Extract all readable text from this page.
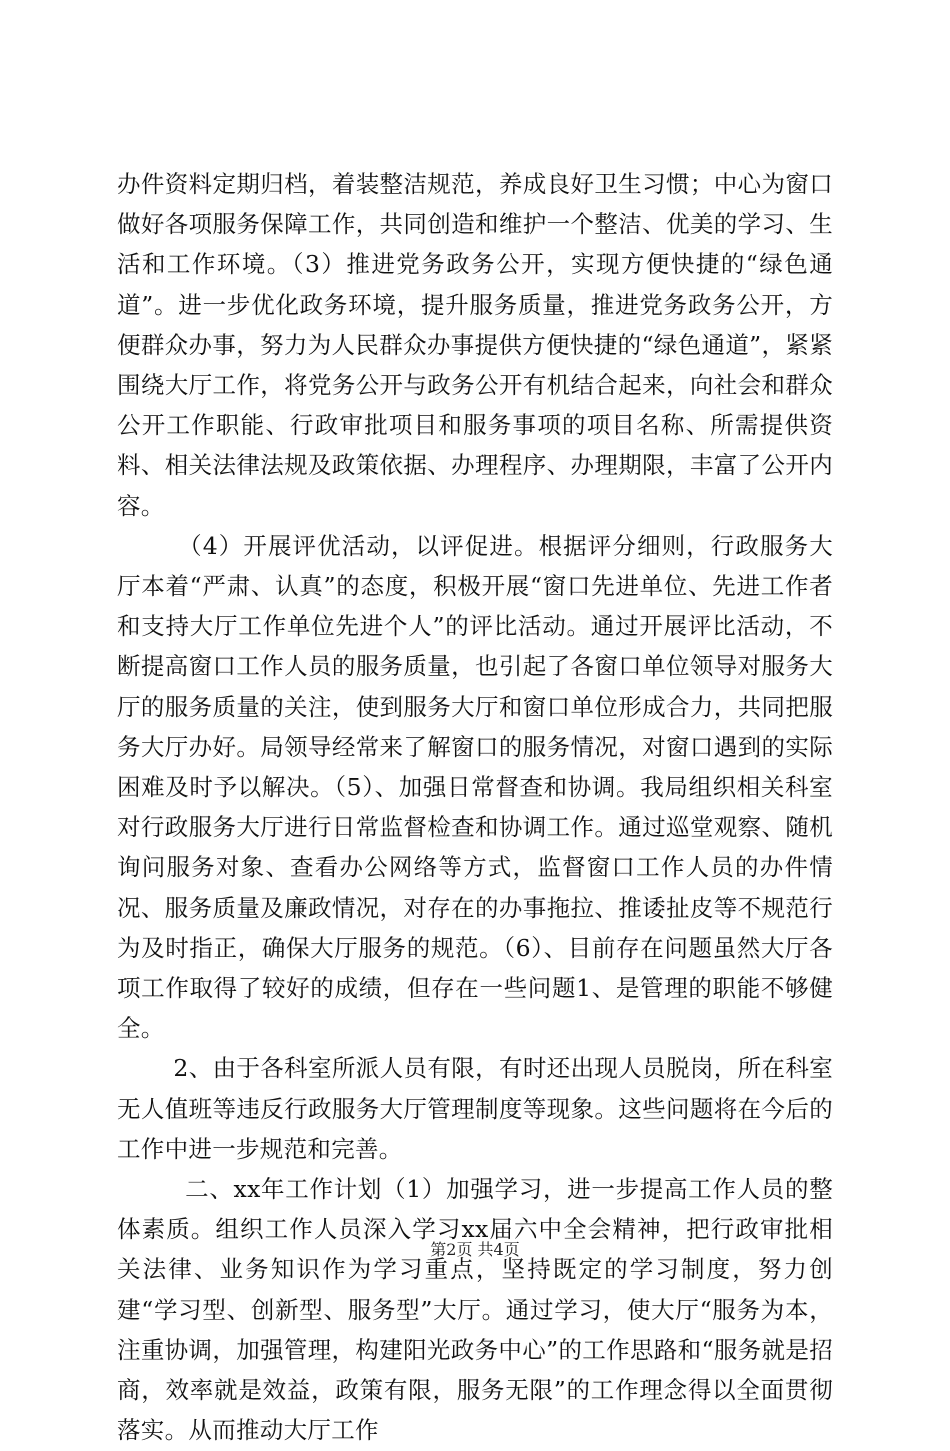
办件资料定期归档，着装整洁规范，养成良好卫生习惯；中心为窗口做好各项服务保障工作，共同创造和维护一个整洁、优美的学习、生活和工作环境。（3）推进党务政务公开，实现方便快捷的“绿色通道”。进一步优化政务环境，提升服务质量，推进党务政务公开，方便群众办事，努力为人民群众办事提供方便快捷的“绿色通道”，紧紧围绕大厅工作，将党务公开与政务公开有机结合起来，向社会和群众公开工作职能、行政审批项目和服务事项的项目名称、所需提供资料、相关法律法规及政策依据、办理程序、办理期限，丰富了公开内容。

（4）开展评优活动，以评促进。根据评分细则，行政服务大厅本着“严肃、认真”的态度，积极开展“窗口先进单位、先进工作者和支持大厅工作单位先进个人”的评比活动。通过开展评比活动，不断提高窗口工作人员的服务质量，也引起了各窗口单位领导对服务大厅的服务质量的关注，使到服务大厅和窗口单位形成合力，共同把服务大厅办好。局领导经常来了解窗口的服务情况，对窗口遇到的实际困难及时予以解决。（5）、加强日常督查和协调。我局组织相关科室对行政服务大厅进行日常监督检查和协调工作。通过巡堂观察、随机询问服务对象、查看办公网络等方式，监督窗口工作人员的办件情况、服务质量及廉政情况，对存在的办事拖拉、推诿扯皮等不规范行为及时指正，确保大厅服务的规范。（6）、目前存在问题虽然大厅各项工作取得了较好的成绩，但存在一些问题1、是管理的职能不够健全。

2、由于各科室所派人员有限，有时还出现人员脱岗，所在科室无人值班等违反行政服务大厅管理制度等现象。这些问题将在今后的工作中进一步规范和完善。

二、xx年工作计划（1）加强学习，进一步提高工作人员的整体素质。组织工作人员深入学习xx届六中全会精神，把行政审批相关法律、业务知识作为学习重点，坚持既定的学习制度，努力创建“学习型、创新型、服务型”大厅。通过学习，使大厅“服务为本，注重协调，加强管理，构建阳光政务中心”的工作思路和“服务就是招商，效率就是效益，政策有限，服务无限”的工作理念得以全面贯彻落实。从而推动大厅工作

第2页 共4页
